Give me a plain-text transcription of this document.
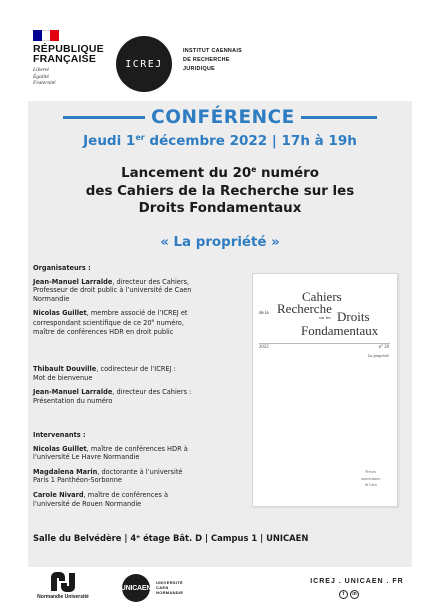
RÉPUBLIQUE
FRANÇAISE
Liberté
Égalité
Fraternité
ICREJ
INSTITUT CAENNAIS
DE RECHERCHE
JURIDIQUE
CONFÉRENCE
Jeudi 1er décembre 2022 | 17h à 19h
Lancement du 20e numéro
des Cahiers de la Recherche sur les
Droits Fondamentaux
« La propriété »
Organisateurs :
Jean-Manuel Larralde, directeur des Cahiers,
Professeur de droit public à l’université de Caen
Normandie
Nicolas Guillet, membre associé de l’ICREJ et
correspondant scientifique de ce 20e numéro,
maître de conférences HDR en droit public
Thibault Douville, codirecteur de l’ICREJ :
Mot de bienvenue
Jean-Manuel Larralde, directeur des Cahiers :
Présentation du numéro
Intervenants :
Nicolas Guillet, maître de conférences HDR à
l’université Le Havre Normandie
Magdalena Marin, doctorante à l’université
Paris 1 Panthéon-Sorbonne
Carole Nivard, maître de conférences à
l’université de Rouen Normandie
Cahiers
Recherche
de la
sur les Droits
Fondamentaux
2022	n° 20
La propriété
Presses
universitaires
de Caen
Salle du Belvédère | 4ᵉ étage Bât. D | Campus 1 | UNICAEN
Normandie Université
UNICAEN
UNIVERSITÉ
CAEN
NORMANDIE
ICREJ . UNICAEN . FR
t	in
